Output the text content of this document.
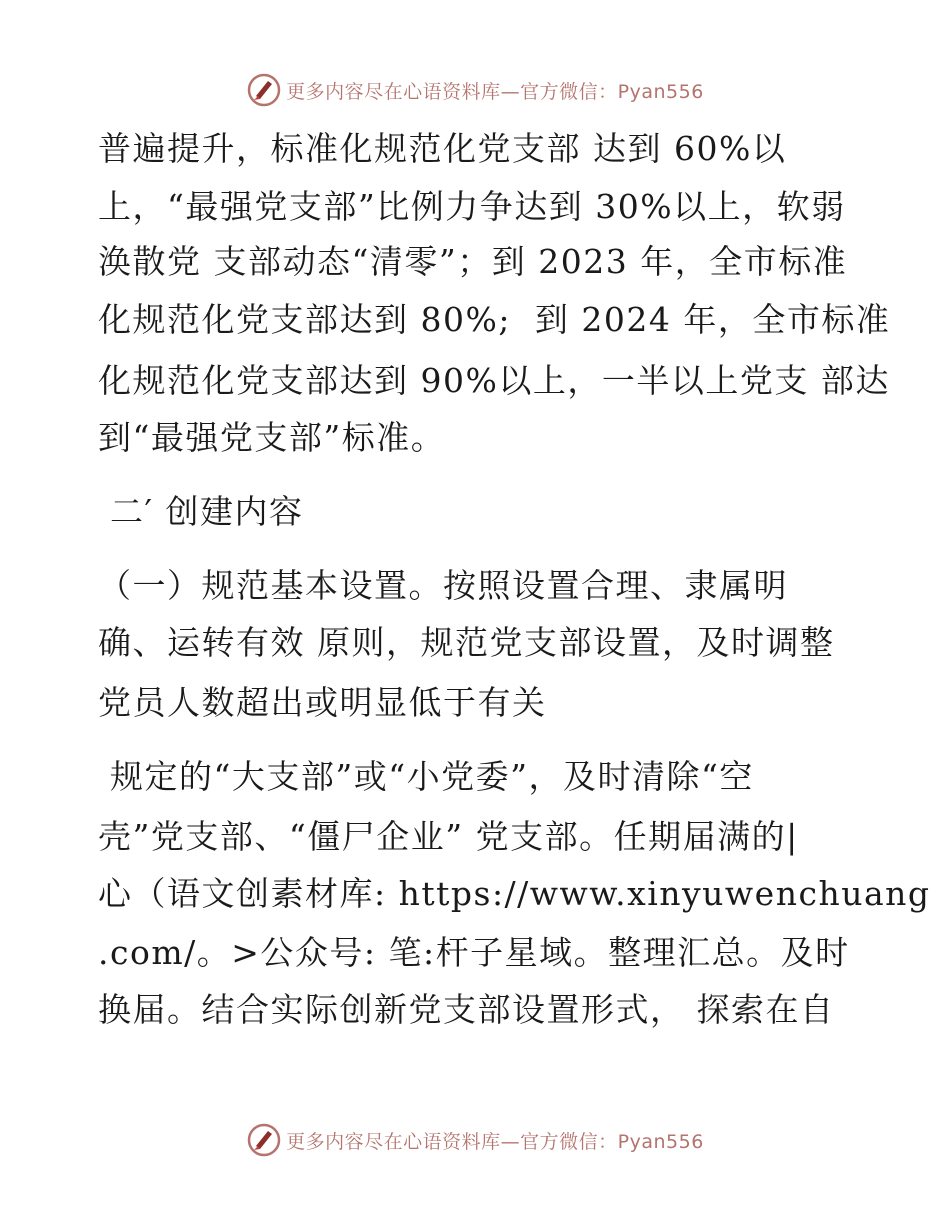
更多内容尽在心语资料库—官方微信：Pyan556
普遍提升，标准化规范化党支部 达到 60%以
上，“最强党支部”比例力争达到 30%以上，软弱
涣散党 支部动态“清零”；到 2023 年，全市标准
化规范化党支部达到 80%;  到 2024 年，全市标准
化规范化党支部达到 90%以上，一半以上党支 部达
到“最强党支部”标准。
二′ 创建内容
（一）规范基本设置。按照设置合理、隶属明
确、运转有效 原则，规范党支部设置，及时调整
党员人数超出或明显低于有关
规定的“大支部”或“小党委”，及时清除“空
壳”党支部、“僵尸企业” 党支部。任期届满的|
心（语文创素材库: https://www.xinyuwenchuang
.com/。>公众号: 笔:杆子星域。整理汇总。及时
换届。结合实际创新党支部设置形式， 探索在自
更多内容尽在心语资料库—官方微信：Pyan556
